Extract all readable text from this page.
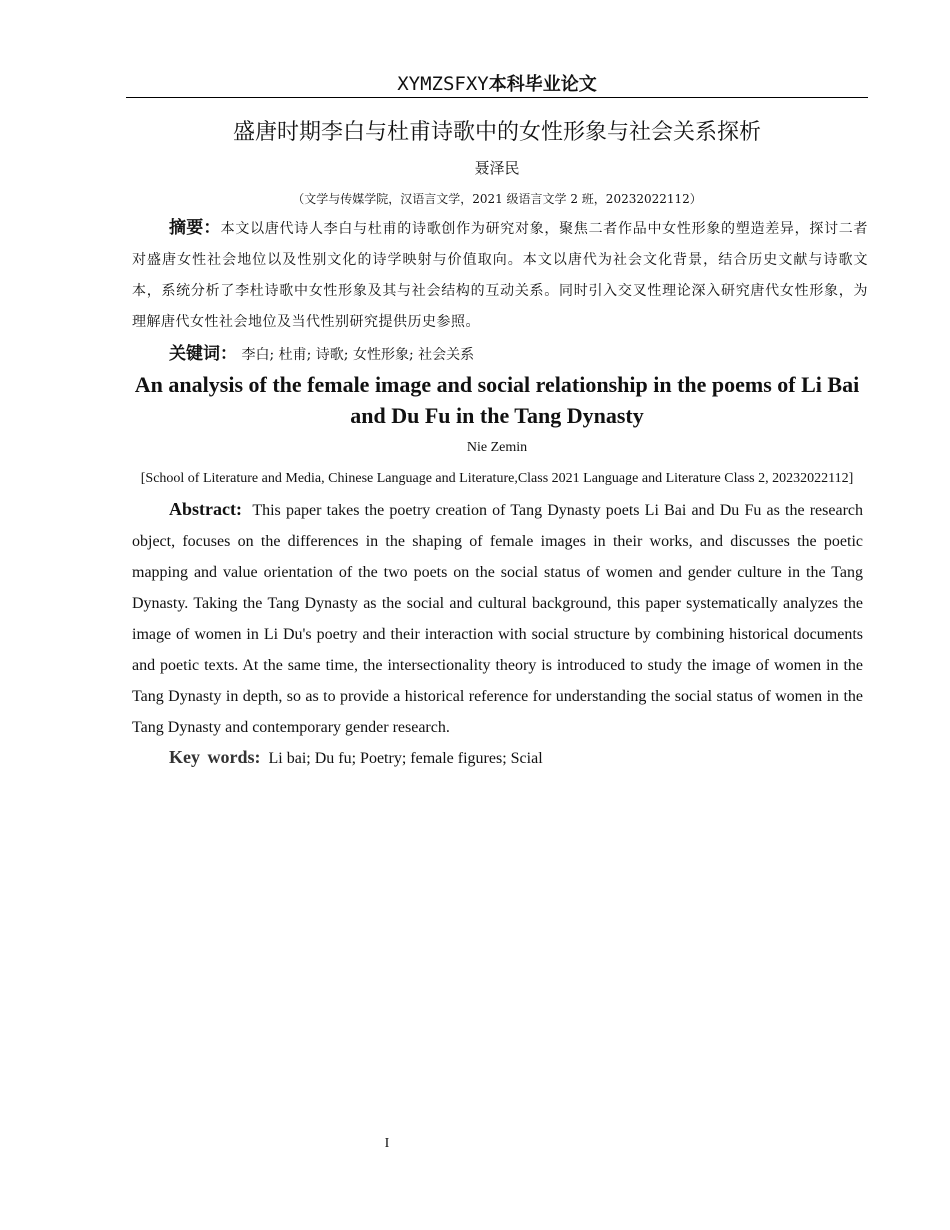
XYMZSFXY本科毕业论文
盛唐时期李白与杜甫诗歌中的女性形象与社会关系探析
聂泽民
（文学与传媒学院，汉语言文学，2021 级语言文学 2 班，20232022112）
摘要：本文以唐代诗人李白与杜甫的诗歌创作为研究对象，聚焦二者作品中女性形象的塑造差异，探讨二者对盛唐女性社会地位以及性别文化的诗学映射与价值取向。本文以唐代为社会文化背景，结合历史文献与诗歌文本，系统分析了李杜诗歌中女性形象及其与社会结构的互动关系。同时引入交叉性理论深入研究唐代女性形象，为理解唐代女性社会地位及当代性别研究提供历史参照。
关键词： 李白; 杜甫; 诗歌; 女性形象; 社会关系
An analysis of the female image and social relationship in the poems of Li Bai and Du Fu in the Tang Dynasty
Nie Zemin
[School of Literature and Media, Chinese Language and Literature,Class 2021 Language and Literature Class 2, 20232022112]
Abstract: This paper takes the poetry creation of Tang Dynasty poets Li Bai and Du Fu as the research object, focuses on the differences in the shaping of female images in their works, and discusses the poetic mapping and value orientation of the two poets on the social status of women and gender culture in the Tang Dynasty. Taking the Tang Dynasty as the social and cultural background, this paper systematically analyzes the image of women in Li Du's poetry and their interaction with social structure by combining historical documents and poetic texts. At the same time, the intersectionality theory is introduced to study the image of women in the Tang Dynasty in depth, so as to provide a historical reference for understanding the social status of women in the Tang Dynasty and contemporary gender research.
Key words: Li bai; Du fu; Poetry; female figures; Scial
I
